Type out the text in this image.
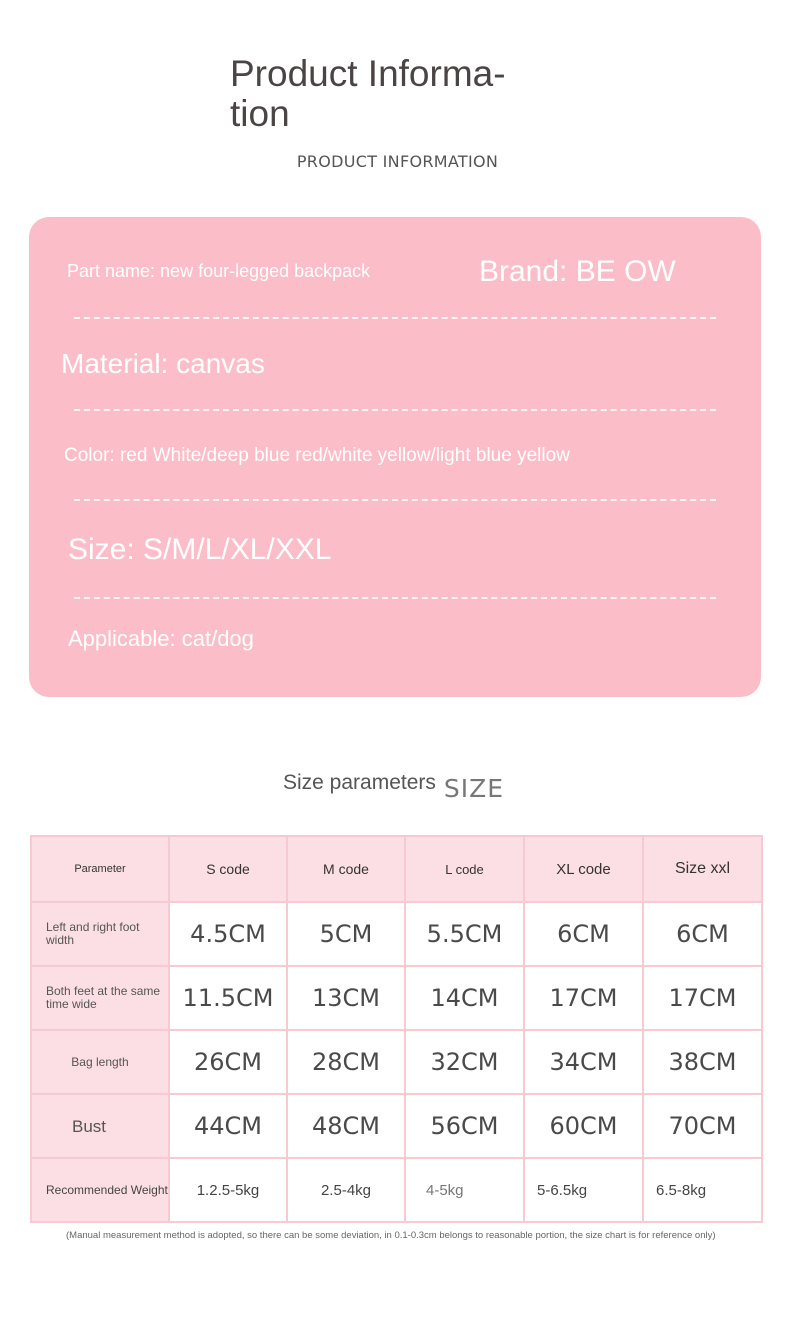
Product Informa-
tion
PRODUCT INFORMATION
Part name: new four-legged backpack	Brand: BE OW
Material: canvas
Color: red White/deep blue red/white yellow/light blue yellow
Size: S/M/L/XL/XXL
Applicable: cat/dog
Size parameters SIZE
Parameter	S code	M code	L code	XL code	Size xxl
Left and right foot width	4.5CM	5CM	5.5CM	6CM	6CM
Both feet at the same time wide	11.5CM	13CM	14CM	17CM	17CM
Bag length	26CM	28CM	32CM	34CM	38CM
Bust	44CM	48CM	56CM	60CM	70CM
Recommended Weight	1.2.5-5kg	2.5-4kg	4-5kg	5-6.5kg	6.5-8kg
(Manual measurement method is adopted, so there can be some deviation, in 0.1-0.3cm belongs to reasonable portion, the size chart is for reference only)
